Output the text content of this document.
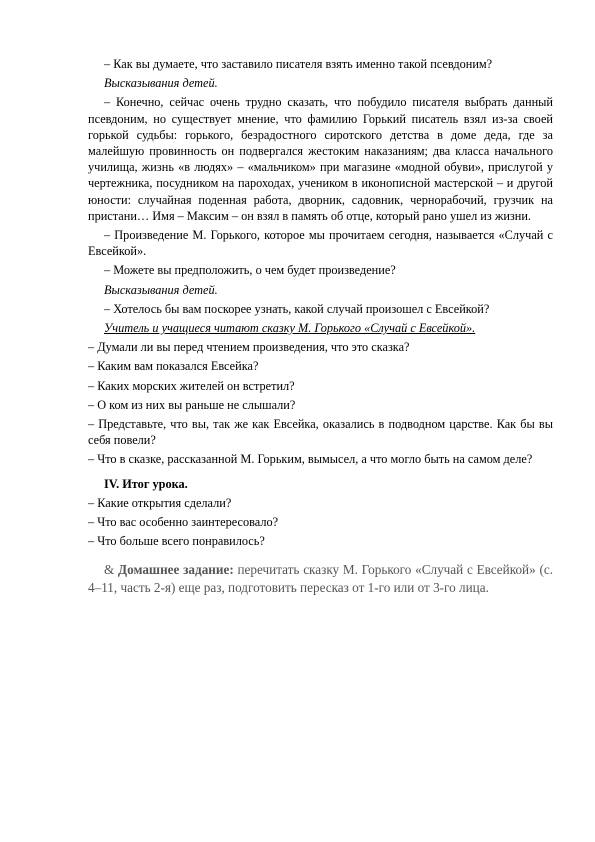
– Как вы думаете, что заставило писателя взять именно такой псевдоним?

Высказывания детей.

– Конечно, сейчас очень трудно сказать, что побудило писателя выбрать данный псевдоним, но существует мнение, что фамилию Горький писатель взял из-за своей горькой судьбы: горького, безрадостного сиротского детства в доме деда, где за малейшую провинность он подвергался жестоким наказаниям; два класса начального училища, жизнь «в людях» – «мальчиком» при магазине «модной обуви», прислугой у чертежника, посудником на пароходах, учеником в иконописной мастерской – и другой юности: случайная поденная работа, дворник, садовник, чернорабочий, грузчик на пристани… Имя – Максим – он взял в память об отце, который рано ушел из жизни.

– Произведение М. Горького, которое мы прочитаем сегодня, называется «Случай с Евсейкой».

– Можете вы предположить, о чем будет произведение?

Высказывания детей.

– Хотелось бы вам поскорее узнать, какой случай произошел с Евсейкой?

Учитель и учащиеся читают сказку М. Горького «Случай с Евсейкой».

– Думали ли вы перед чтением произведения, что это сказка?

– Каким вам показался Евсейка?

– Каких морских жителей он встретил?

– О ком из них вы раньше не слышали?

– Представьте, что вы, так же как Евсейка, оказались в подводном царстве. Как бы вы себя повели?

– Что в сказке, рассказанной М. Горьким, вымысел, а что могло быть на самом деле?

IV. Итог урока.

– Какие открытия сделали?

– Что вас особенно заинтересовало?

– Что больше всего понравилось?

& Домашнее задание: перечитать сказку М. Горького «Случай с Евсейкой» (с. 4–11, часть 2-я) еще раз, подготовить пересказ от 1-го или от 3-го лица.
